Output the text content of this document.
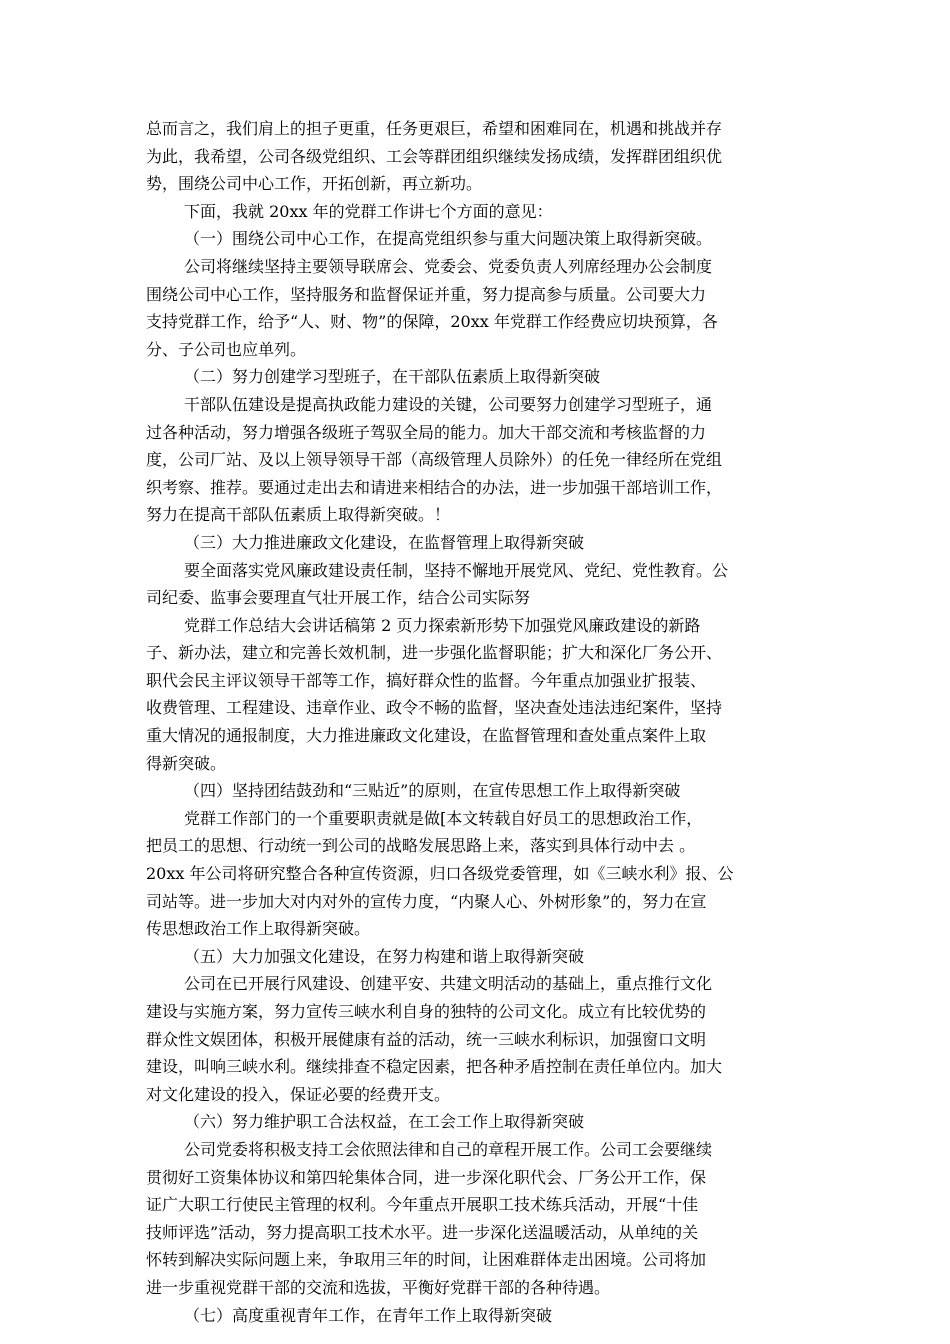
总而言之，我们肩上的担子更重，任务更艰巨，希望和困难同在，机遇和挑战并存
为此，我希望，公司各级党组织、工会等群团组织继续发扬成绩，发挥群团组织优
势，围绕公司中心工作，开拓创新，再立新功。
下面，我就 20xx 年的党群工作讲七个方面的意见：
（一）围绕公司中心工作，在提高党组织参与重大问题决策上取得新突破。
公司将继续坚持主要领导联席会、党委会、党委负责人列席经理办公会制度
围绕公司中心工作，坚持服务和监督保证并重，努力提高参与质量。公司要大力
支持党群工作，给予“人、财、物”的保障，20xx 年党群工作经费应切块预算，各
分、子公司也应单列。
（二）努力创建学习型班子，在干部队伍素质上取得新突破
干部队伍建设是提高执政能力建设的关键，公司要努力创建学习型班子，通
过各种活动，努力增强各级班子驾驭全局的能力。加大干部交流和考核监督的力
度，公司厂站、及以上领导领导干部（高级管理人员除外）的任免一律经所在党组
织考察、推荐。要通过走出去和请进来相结合的办法，进一步加强干部培训工作，
努力在提高干部队伍素质上取得新突破。！
（三）大力推进廉政文化建设，在监督管理上取得新突破
要全面落实党风廉政建设责任制，坚持不懈地开展党风、党纪、党性教育。公
司纪委、监事会要理直气壮开展工作，结合公司实际努
党群工作总结大会讲话稿第 2 页力探索新形势下加强党风廉政建设的新路
子、新办法，建立和完善长效机制，进一步强化监督职能；扩大和深化厂务公开、
职代会民主评议领导干部等工作，搞好群众性的监督。今年重点加强业扩报装、
收费管理、工程建设、违章作业、政令不畅的监督，坚决查处违法违纪案件，坚持
重大情况的通报制度，大力推进廉政文化建设，在监督管理和查处重点案件上取
得新突破。
（四）坚持团结鼓劲和“三贴近”的原则，在宣传思想工作上取得新突破
党群工作部门的一个重要职责就是做[本文转载自好员工的思想政治工作，
把员工的思想、行动统一到公司的战略发展思路上来，落实到具体行动中去 。
20xx 年公司将研究整合各种宣传资源，归口各级党委管理，如《三峡水利》报、公
司站等。进一步加大对内对外的宣传力度，“内聚人心、外树形象”的，努力在宣
传思想政治工作上取得新突破。
（五）大力加强文化建设，在努力构建和谐上取得新突破
公司在已开展行风建设、创建平安、共建文明活动的基础上，重点推行文化
建设与实施方案，努力宣传三峡水利自身的独特的公司文化。成立有比较优势的
群众性文娱团体，积极开展健康有益的活动，统一三峡水利标识，加强窗口文明
建设，叫响三峡水利。继续排查不稳定因素，把各种矛盾控制在责任单位内。加大
对文化建设的投入，保证必要的经费开支。
（六）努力维护职工合法权益，在工会工作上取得新突破
公司党委将积极支持工会依照法律和自己的章程开展工作。公司工会要继续
贯彻好工资集体协议和第四轮集体合同，进一步深化职代会、厂务公开工作，保
证广大职工行使民主管理的权利。今年重点开展职工技术练兵活动，开展“十佳
技师评选”活动，努力提高职工技术水平。进一步深化送温暖活动，从单纯的关
怀转到解决实际问题上来，争取用三年的时间，让困难群体走出困境。公司将加
进一步重视党群干部的交流和选拔，平衡好党群干部的各种待遇。
（七）高度重视青年工作，在青年工作上取得新突破
